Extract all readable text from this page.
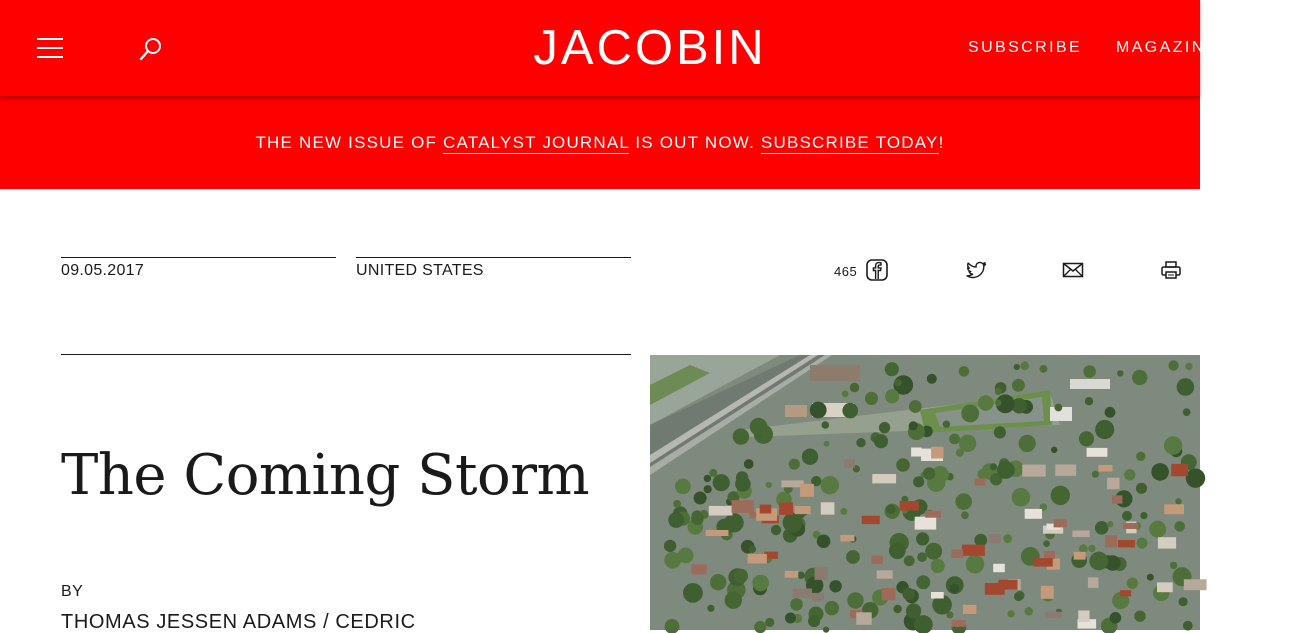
JACOBIN	SUBSCRIBE MAGAZINE
THE NEW ISSUE OF CATALYST JOURNAL IS OUT NOW. SUBSCRIBE TODAY!
09.05.2017	UNITED STATES	465
The Coming Storm
BY
THOMAS JESSEN ADAMS / CEDRIC
